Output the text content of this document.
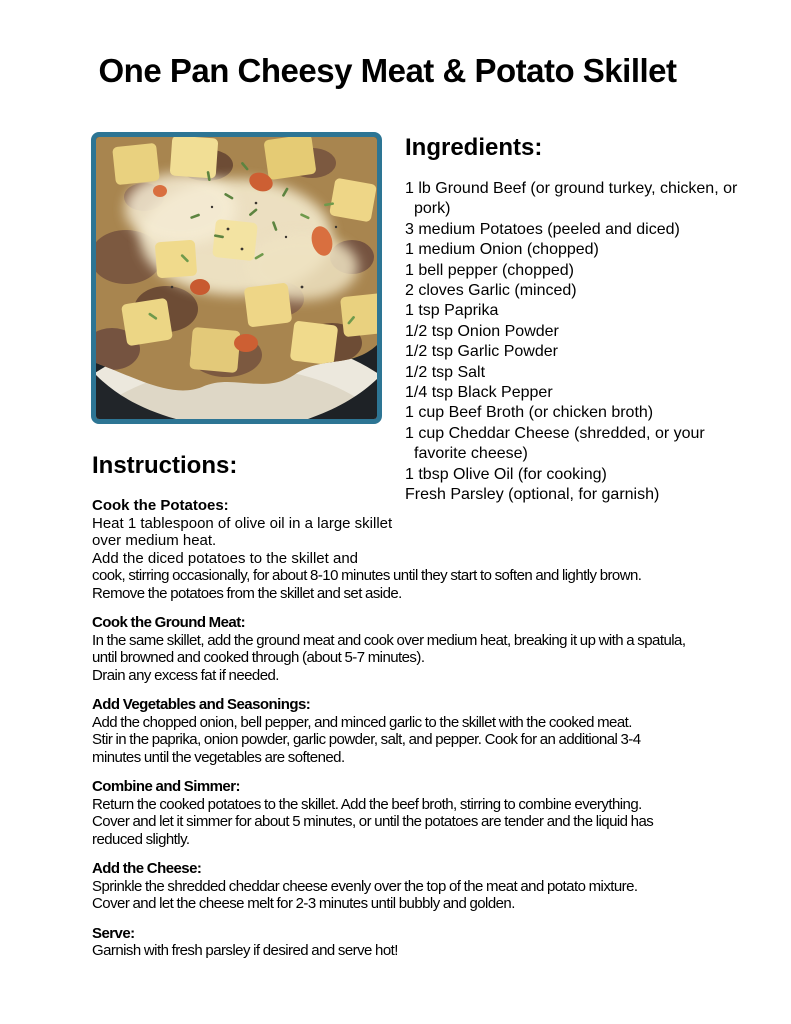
One Pan Cheesy Meat & Potato Skillet
Ingredients:
1 lb Ground Beef (or ground turkey, chicken, or pork)
3 medium Potatoes (peeled and diced)
1 medium Onion (chopped)
1 bell pepper (chopped)
2 cloves Garlic (minced)
1 tsp Paprika
1/2 tsp Onion Powder
1/2 tsp Garlic Powder
1/2 tsp Salt
1/4 tsp Black Pepper
1 cup Beef Broth (or chicken broth)
1 cup Cheddar Cheese (shredded, or your favorite cheese)
1 tbsp Olive Oil (for cooking)
Fresh Parsley (optional, for garnish)
Instructions:
Cook the Potatoes:
Heat 1 tablespoon of olive oil in a large skillet
over medium heat.
Add the diced potatoes to the skillet and
cook, stirring occasionally, for about 8-10 minutes until they start to soften and lightly brown.
Remove the potatoes from the skillet and set aside.
Cook the Ground Meat:
In the same skillet, add the ground meat and cook over medium heat, breaking it up with a spatula,
until browned and cooked through (about 5-7 minutes).
Drain any excess fat if needed.
Add Vegetables and Seasonings:
Add the chopped onion, bell pepper, and minced garlic to the skillet with the cooked meat.
Stir in the paprika, onion powder, garlic powder, salt, and pepper. Cook for an additional 3-4
minutes until the vegetables are softened.
Combine and Simmer:
Return the cooked potatoes to the skillet. Add the beef broth, stirring to combine everything.
Cover and let it simmer for about 5 minutes, or until the potatoes are tender and the liquid has
reduced slightly.
Add the Cheese:
Sprinkle the shredded cheddar cheese evenly over the top of the meat and potato mixture.
Cover and let the cheese melt for 2-3 minutes until bubbly and golden.
Serve:
Garnish with fresh parsley if desired and serve hot!
